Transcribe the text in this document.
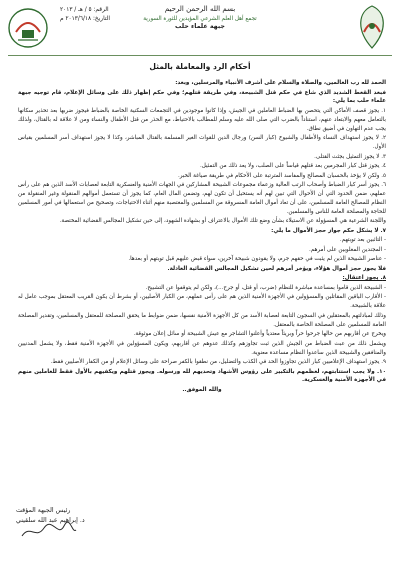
الرقم: ٥ / هـ / ٢٠١٣
التاريخ: ٢٠١٣/٦/١٨ م
بسم الله الرحمن الرحيم
تجمع أهل العلم الشرعي المؤيدين للثورة السورية
جبهة علماء حلب
أحكام الرد والمعاملة بالمثل

الحمد لله رب العالمين، والصلاة والسلام على أشرف الأنبياء والمرسلين، وبعد:

فبعد القعط الشديد الذي شاع في حكم قتل الشبيحة، وفي طريقة قتلهم؛ وفي حكم إظهار ذلك على وسائل الإعلام، قام توجيه جبهة علماء حلب بما يلي:

١. يجوز قصف الأماكن التي يتحصن بها الضباط العاملين في الجيش، وإذا كانوا موجودين في التجمعات السكنية الخاصة بالضباط فيجوز ضربها بعد تحذير سكانها بالتعامل معهم والابتعاد عنهم، استناداً بالضرب التي صلى الله عليه وسلم للمطالب بالاحتياط، مع الحذر من قتل الأطفال والنساء ومن لا علاقة له بالقتال، ولذلك يجب عدم التهاون في أضيق نطاق.

٢. لا يجوز استهداف النساء والأطفال والشيوخ (كبار السن) ورجال الدين للقوات الغير المسلمة بالقتال المباشر، وكذا لا يجوز استهداف أسر المسلمين بقياس الأول.

٣. لا يجوز التمثيل بجثث القتلى.

٤. يجوز قتل كبار المجرمين بعد قتلهم قياساً على الصلب، ولا يعد ذلك من التمثيل.

٥. ولكن لا يؤخذ بالحسبان المصالح والمفاسد المترتبة على الأحكام في طريقة صياغة الخبر.

٦. يجوز أسر كبار الضباط وأصحاب الرتب العالية وزعماء مجموعات الشبيحة المشاركين في الجهات الأمنية والعسكرية التابعة لعصابات الأسد الذين هم على رأس عملهم، ضمن الحدود التي أن الأحوال التي تبين لهم أنه يستحيل أن تكون لهم، وتضمن المال العام، كما يجوز أن تستعمل أموالهم المنقولة وغير المنقولة من النظام للمصالح العامة للمسلمين، على أن تعاد أموال العامة المسروقة من المسلمين والمغتصبة منهم أثناء الاحتياجات، وتصحيح من استعمالها في أمور المسلمين للحاجة والمصلحة العامة للناس والمسلمين.

واللجنة الشرعية هي المسؤولة عن الاستيلاء بشأن وضع تلك الأموال بالاعتراف أو بشهادة الشهود، إلى حين تشكيل المجالس القضائية المختصة.

٧. لا يشكل حكم جواز حجز الأموال ما يلي:

- التائبين بعد توبتهم.

- المجندين المغلوبين على أمرهم.

- عناصر الشبيحة الذين لم يثبت في حقهم جرم، ولا يقودون شبيحة آخرين، سواء قبض عليهم قبل توبتهم أو بعدها.

فلا يجوز حجز أموال هؤلاء، ويؤخر أمرهم لحين تشكيل المجالس القضائية العادلة.

٨. يجوز اعتقال:

- الشبيحة الذين قاموا بمساعدة مباشرة للنظام (ضرب، أو قتل، أو جرح...)، ولكن لم يتوقفوا عن التشبيح.

- الأقارب الباقين المقاتلين والمسؤولين في الأجهزة الأمنية الذين هم على رأس عملهم، من الكبار الأصليين، أو بشرط أن يكون القريب المعتقل بموجب عامل له علاقة بالشبيحة.

وذلك لمبادلتهم بالمعتقلين في السجون التابعة لعصابة الأسد من كل الأجهزة الأمنية نفسها، ضمن ضوابط ما يحقق المصلحة للمعتقل والمسلمين، وتقدير المصلحة العامة للمسلمين على المصلحة الخاصة بالمعتقل.

ويخرج عن أقاربهم من حالها جرحوا حراً وبريئاً معتدياً وأعلنوا التشاجر مع عيش الشبيحة أو سائل إعلان موثوقة.

ويشمل ذلك من عبث الضباط من الجيش الذين ثبت تجاوزهم وكذلك عدوهم عن أقاربهم، ويكون المسؤولين في الأجهزة الأمنية فقط، ولا يشمل المدنيين والمنافقين والشبيحة الذين ساعدوا النظام مساعدة معنوية.

٩. يجوز استهداف الإعلاميين كبار الذين تجاوزوا الحد في الكذب والتضليل، من نطقوا بالكفر صراحة على وسائل الإعلام أو من الكفار الأصليين فقط.

١٠. ولا يجب استتابتهم، لعظمهم بالتكبير على رؤوس الأشهاد وتحديهم لله ورسوله. ويجوز قتلهم ويكفيهم بالأول فقط للعاملين منهم في الأجهزة الأمنية والعسكرية.

والله الموفق..

رئيس الجبهة المؤقت
د. إبراهيم عبد الله سلقيني
